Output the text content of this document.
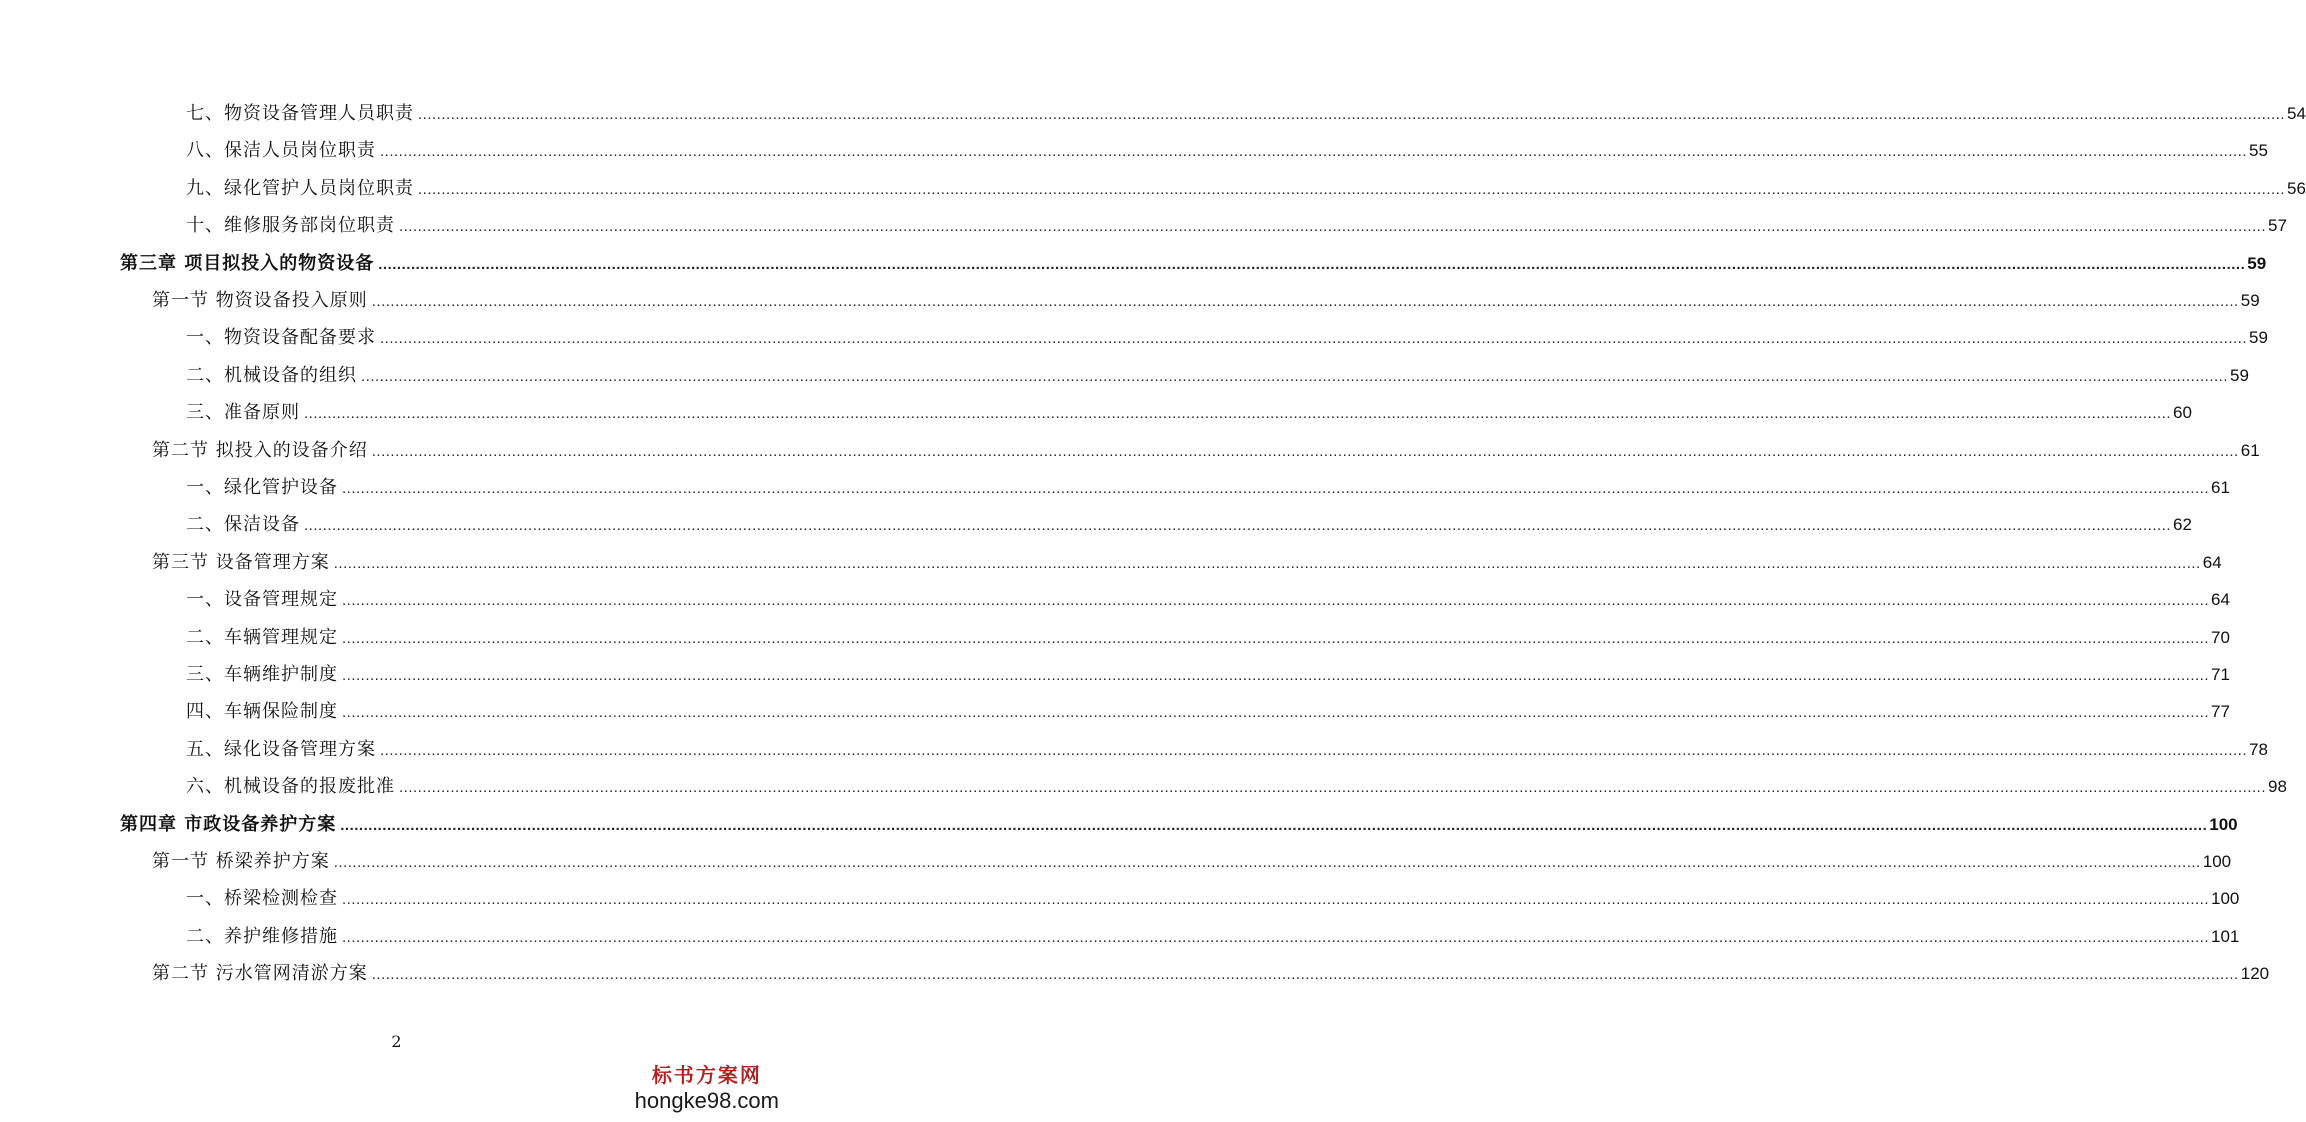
七、物资设备管理人员职责 ................................................................................................................................................................................................................................................................................................................................................................................................................ 54
八、保洁人员岗位职责 ................................................................................................................................................................................................................................................................................................................................................................................................................ 55
九、绿化管护人员岗位职责 ................................................................................................................................................................................................................................................................................................................................................................................................................ 56
十、维修服务部岗位职责 ................................................................................................................................................................................................................................................................................................................................................................................................................ 57
第三章 项目拟投入的物资设备 ................................................................................................................................................................................................................................................................................................................................................................................................................ 59
第一节 物资设备投入原则 ................................................................................................................................................................................................................................................................................................................................................................................................................ 59
一、物资设备配备要求 ................................................................................................................................................................................................................................................................................................................................................................................................................ 59
二、机械设备的组织 ................................................................................................................................................................................................................................................................................................................................................................................................................ 59
三、准备原则 ................................................................................................................................................................................................................................................................................................................................................................................................................ 60
第二节 拟投入的设备介绍 ................................................................................................................................................................................................................................................................................................................................................................................................................ 61
一、绿化管护设备 ................................................................................................................................................................................................................................................................................................................................................................................................................ 61
二、保洁设备 ................................................................................................................................................................................................................................................................................................................................................................................................................ 62
第三节 设备管理方案 ................................................................................................................................................................................................................................................................................................................................................................................................................ 64
一、设备管理规定 ................................................................................................................................................................................................................................................................................................................................................................................................................ 64
二、车辆管理规定 ................................................................................................................................................................................................................................................................................................................................................................................................................ 70
三、车辆维护制度 ................................................................................................................................................................................................................................................................................................................................................................................................................ 71
四、车辆保险制度 ................................................................................................................................................................................................................................................................................................................................................................................................................ 77
五、绿化设备管理方案 ................................................................................................................................................................................................................................................................................................................................................................................................................ 78
六、机械设备的报废批准 ................................................................................................................................................................................................................................................................................................................................................................................................................ 98
第四章 市政设备养护方案 ................................................................................................................................................................................................................................................................................................................................................................................................................ 100
第一节 桥梁养护方案 ................................................................................................................................................................................................................................................................................................................................................................................................................ 100
一、桥梁检测检查 ................................................................................................................................................................................................................................................................................................................................................................................................................ 100
二、养护维修措施 ................................................................................................................................................................................................................................................................................................................................................................................................................ 101
第二节 污水管网清淤方案 ................................................................................................................................................................................................................................................................................................................................................................................................................ 120
2
标书方案网
hongke98.com
